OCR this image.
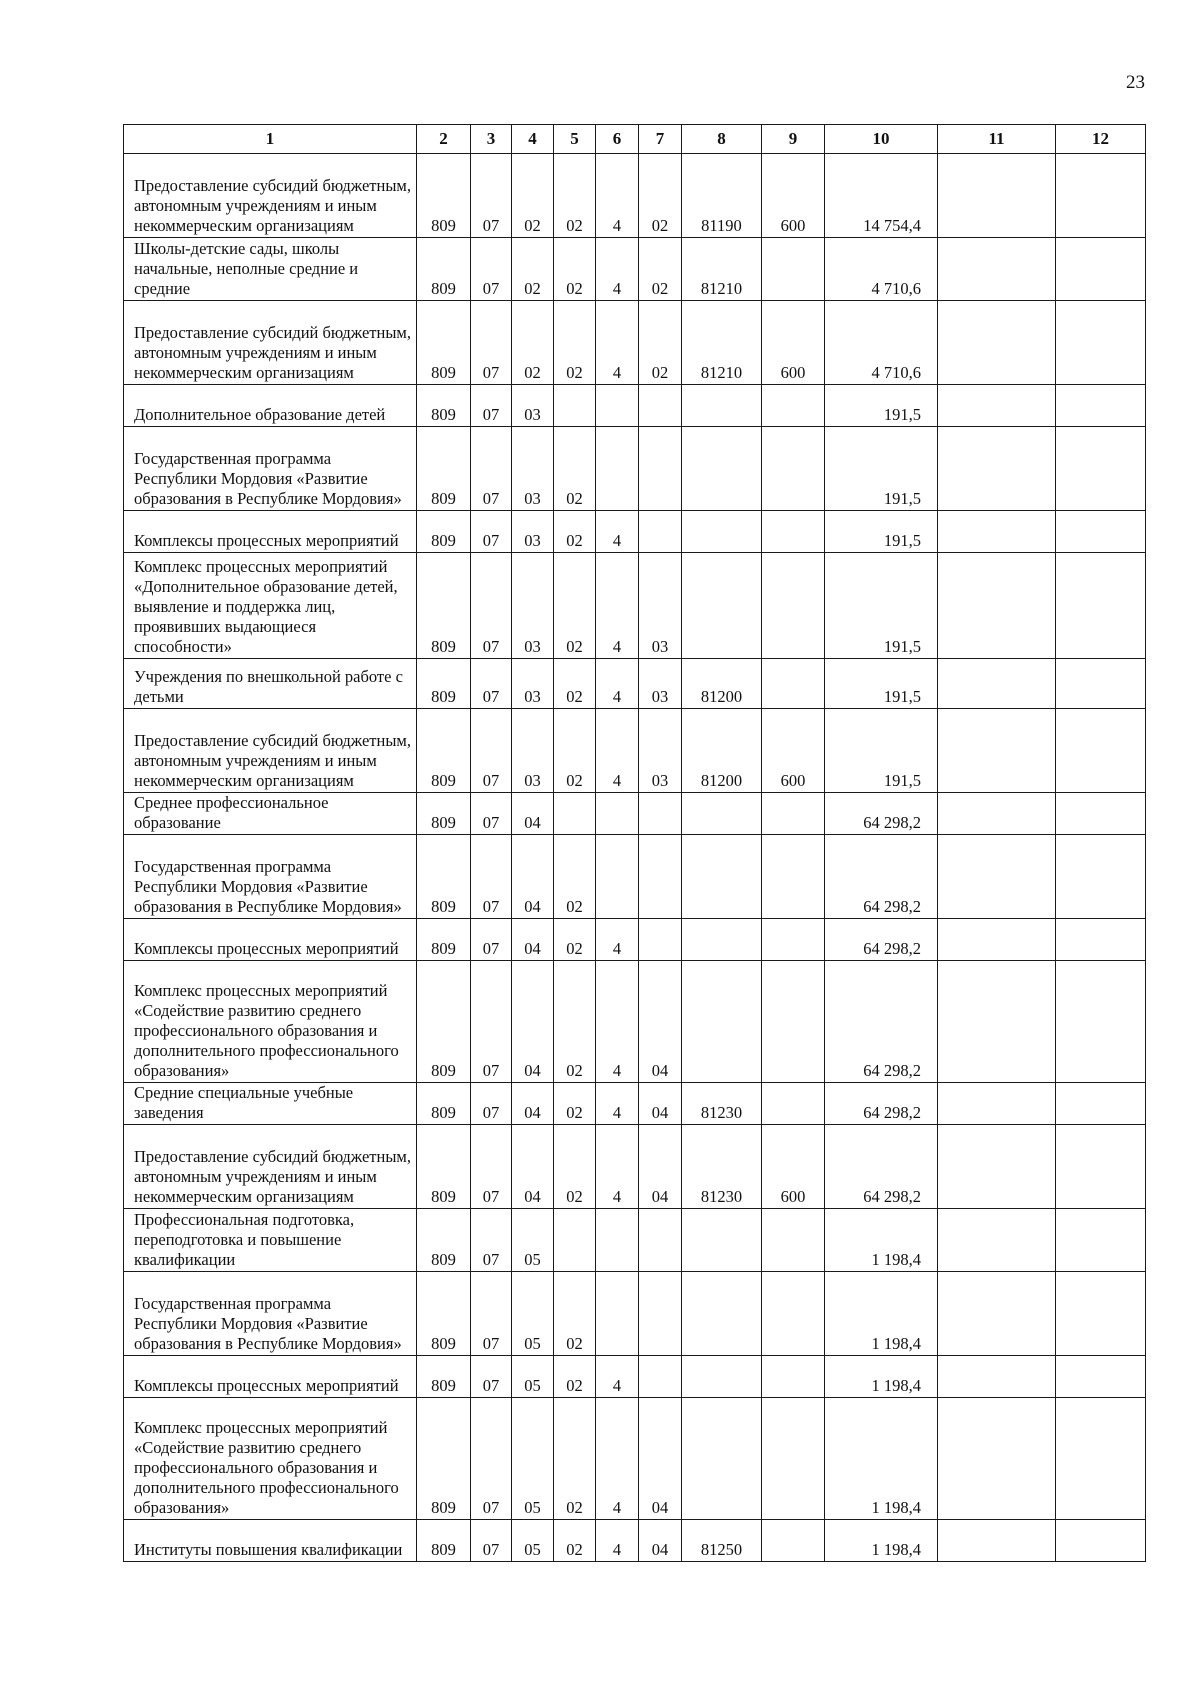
23
1	2	3	4	5	6	7	8	9	10	11	12
Предоставление субсидий бюджетным, автономным учреждениям и иным некоммерческим организациям	809	07	02	02	4	02	81190	600	14 754,4		
Школы-детские сады, школы начальные, неполные средние и средние	809	07	02	02	4	02	81210		4 710,6		
Предоставление субсидий бюджетным, автономным учреждениям и иным некоммерческим организациям	809	07	02	02	4	02	81210	600	4 710,6		
Дополнительное образование детей	809	07	03						191,5		
Государственная программа Республики Мордовия «Развитие образования в Республике Мордовия»	809	07	03	02					191,5		
Комплексы процессных мероприятий	809	07	03	02	4				191,5		
Комплекс процессных мероприятий «Дополнительное образование детей, выявление и поддержка лиц, проявивших выдающиеся способности»	809	07	03	02	4	03			191,5		
Учреждения по внешкольной работе с детьми	809	07	03	02	4	03	81200		191,5		
Предоставление субсидий бюджетным, автономным учреждениям и иным некоммерческим организациям	809	07	03	02	4	03	81200	600	191,5		
Среднее профессиональное образование	809	07	04						64 298,2		
Государственная программа Республики Мордовия «Развитие образования в Республике Мордовия»	809	07	04	02					64 298,2		
Комплексы процессных мероприятий	809	07	04	02	4				64 298,2		
Комплекс процессных мероприятий «Содействие развитию среднего профессионального образования и дополнительного профессионального образования»	809	07	04	02	4	04			64 298,2		
Средние специальные учебные заведения	809	07	04	02	4	04	81230		64 298,2		
Предоставление субсидий бюджетным, автономным учреждениям и иным некоммерческим организациям	809	07	04	02	4	04	81230	600	64 298,2		
Профессиональная подготовка, переподготовка и повышение квалификации	809	07	05						1 198,4		
Государственная программа Республики Мордовия «Развитие образования в Республике Мордовия»	809	07	05	02					1 198,4		
Комплексы процессных мероприятий	809	07	05	02	4				1 198,4		
Комплекс процессных мероприятий «Содействие развитию среднего профессионального образования и дополнительного профессионального образования»	809	07	05	02	4	04			1 198,4		
Институты повышения квалификации	809	07	05	02	4	04	81250		1 198,4		
